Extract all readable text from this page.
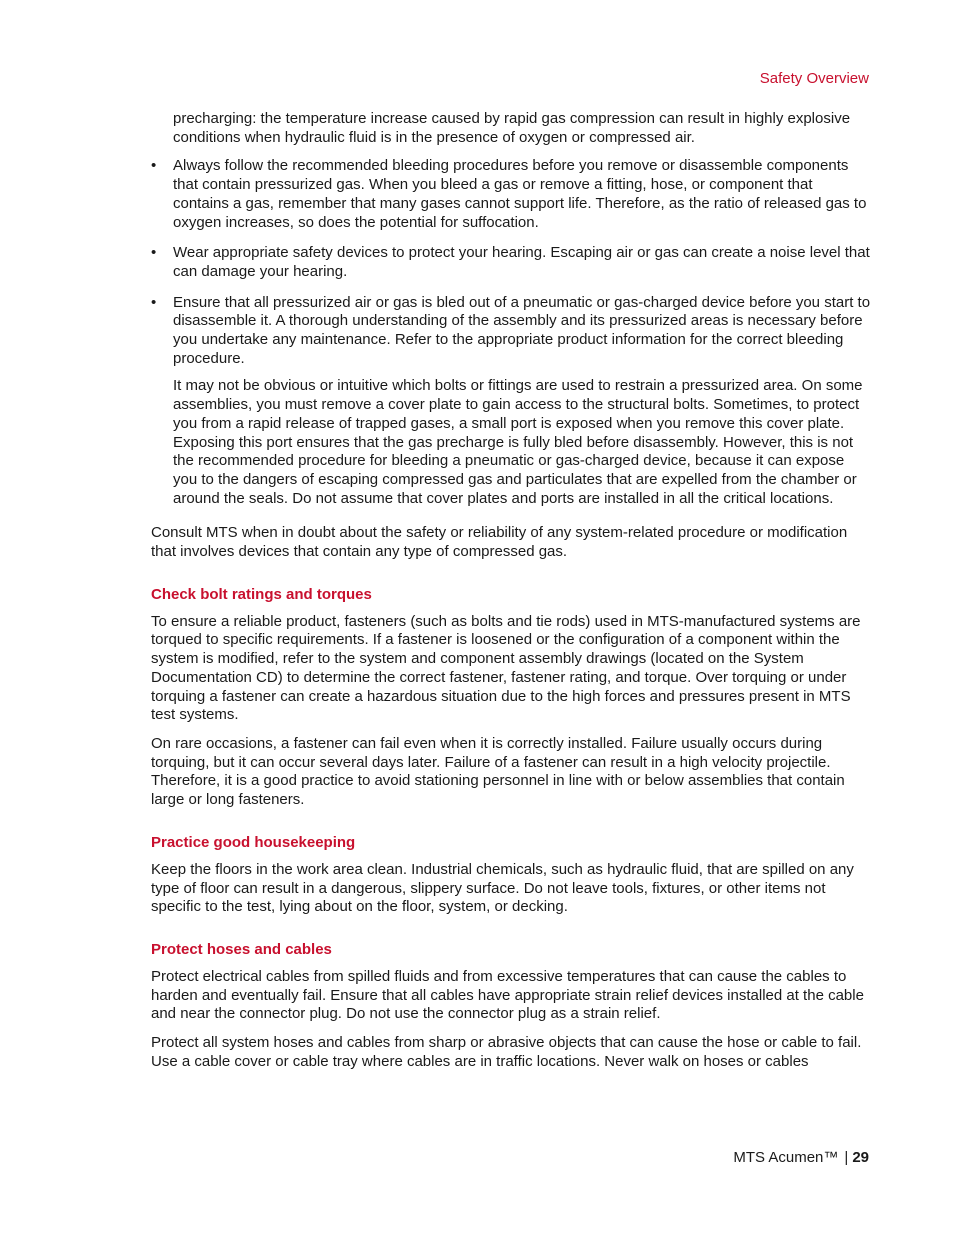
Safety Overview

precharging: the temperature increase caused by rapid gas compression can result in highly explosive conditions when hydraulic fluid is in the presence of oxygen or compressed air.

• Always follow the recommended bleeding procedures before you remove or disassemble components that contain pressurized gas. When you bleed a gas or remove a fitting, hose, or component that contains a gas, remember that many gases cannot support life. Therefore, as the ratio of released gas to oxygen increases, so does the potential for suffocation.

• Wear appropriate safety devices to protect your hearing. Escaping air or gas can create a noise level that can damage your hearing.

• Ensure that all pressurized air or gas is bled out of a pneumatic or gas-charged device before you start to disassemble it. A thorough understanding of the assembly and its pressurized areas is necessary before you undertake any maintenance. Refer to the appropriate product information for the correct bleeding procedure.

It may not be obvious or intuitive which bolts or fittings are used to restrain a pressurized area. On some assemblies, you must remove a cover plate to gain access to the structural bolts. Sometimes, to protect you from a rapid release of trapped gases, a small port is exposed when you remove this cover plate. Exposing this port ensures that the gas precharge is fully bled before disassembly. However, this is not the recommended procedure for bleeding a pneumatic or gas-charged device, because it can expose you to the dangers of escaping compressed gas and particulates that are expelled from the chamber or around the seals. Do not assume that cover plates and ports are installed in all the critical locations.

Consult MTS when in doubt about the safety or reliability of any system-related procedure or modification that involves devices that contain any type of compressed gas.

Check bolt ratings and torques

To ensure a reliable product, fasteners (such as bolts and tie rods) used in MTS-manufactured systems are torqued to specific requirements. If a fastener is loosened or the configuration of a component within the system is modified, refer to the system and component assembly drawings (located on the System Documentation CD) to determine the correct fastener, fastener rating, and torque. Over torquing or under torquing a fastener can create a hazardous situation due to the high forces and pressures present in MTS test systems.

On rare occasions, a fastener can fail even when it is correctly installed. Failure usually occurs during torquing, but it can occur several days later. Failure of a fastener can result in a high velocity projectile. Therefore, it is a good practice to avoid stationing personnel in line with or below assemblies that contain large or long fasteners.

Practice good housekeeping

Keep the floors in the work area clean. Industrial chemicals, such as hydraulic fluid, that are spilled on any type of floor can result in a dangerous, slippery surface. Do not leave tools, fixtures, or other items not specific to the test, lying about on the floor, system, or decking.

Protect hoses and cables

Protect electrical cables from spilled fluids and from excessive temperatures that can cause the cables to harden and eventually fail. Ensure that all cables have appropriate strain relief devices installed at the cable and near the connector plug. Do not use the connector plug as a strain relief.

Protect all system hoses and cables from sharp or abrasive objects that can cause the hose or cable to fail. Use a cable cover or cable tray where cables are in traffic locations. Never walk on hoses or cables

MTS Acumen™ | 29
